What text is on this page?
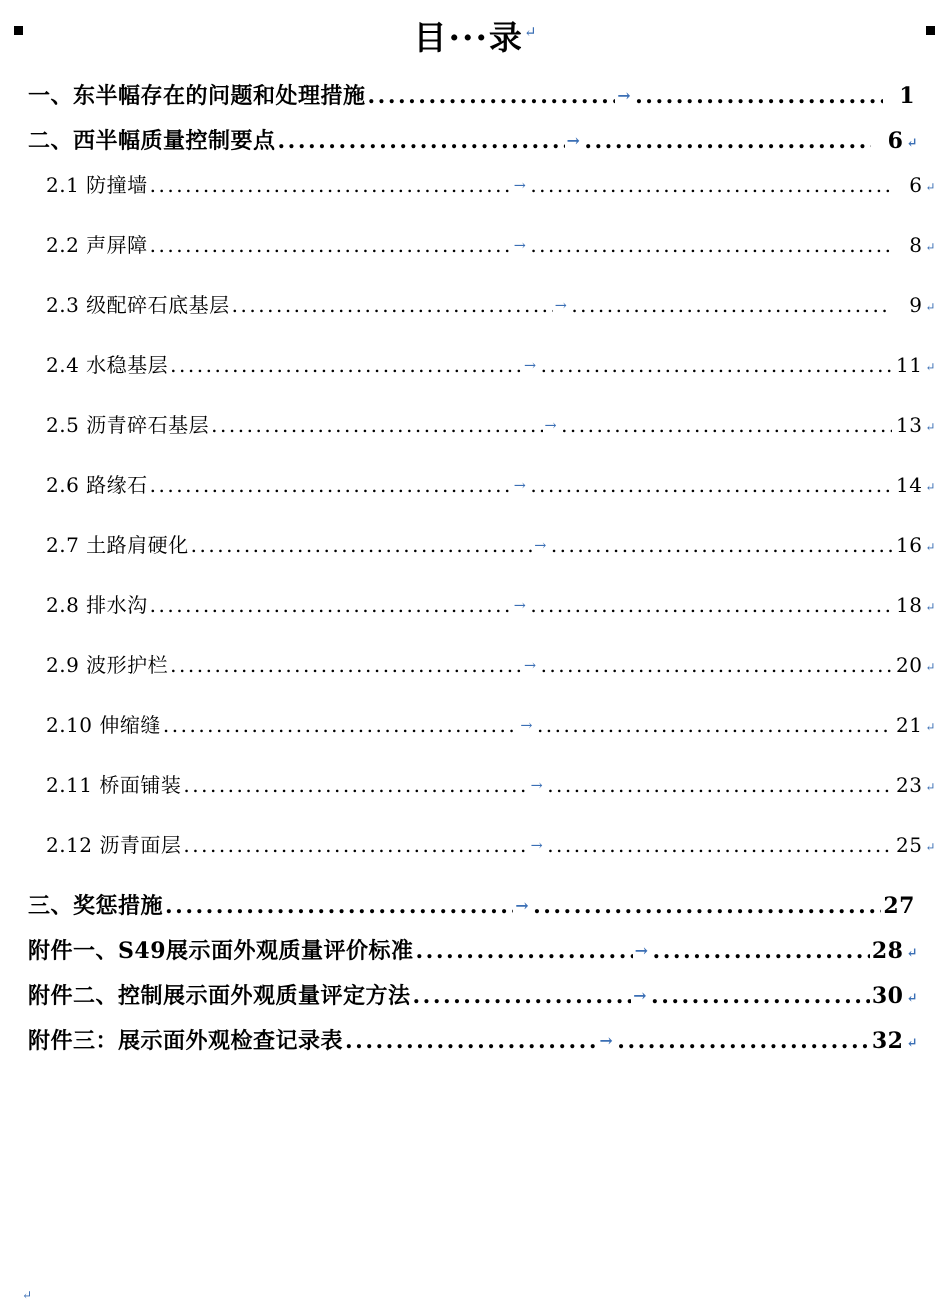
目···录↵
一、东半幅存在的问题和处理措施 .....	→ .....	1
二、西半幅质量控制要点 .....	→ .....	6 ↵
2.1 防撞墙 .....	→ .....	6 ↵
2.2 声屏障 .....	→ .....	8 ↵
2.3 级配碎石底基层 .....	→ .....	9 ↵
2.4 水稳基层 .....	→ .....	11 ↵
2.5 沥青碎石基层 .....	→ .....	13 ↵
2.6 路缘石 .....	→ .....	14 ↵
2.7 土路肩硬化 .....	→ .....	16 ↵
2.8 排水沟 .....	→ .....	18 ↵
2.9 波形护栏 .....	→ .....	20 ↵
2.10 伸缩缝 .....	→ .....	21 ↵
2.11 桥面铺装 .....	→ .....	23 ↵
2.12 沥青面层 .....	→ .....	25 ↵
三、奖惩措施 .....	→ .....	27
附件一、S49展示面外观质量评价标准 .....	→ .....	28 ↵
附件二、控制展示面外观质量评定方法 .....	→ .....	30 ↵
附件三：展示面外观检查记录表 .....	→ .....	32 ↵
↵
